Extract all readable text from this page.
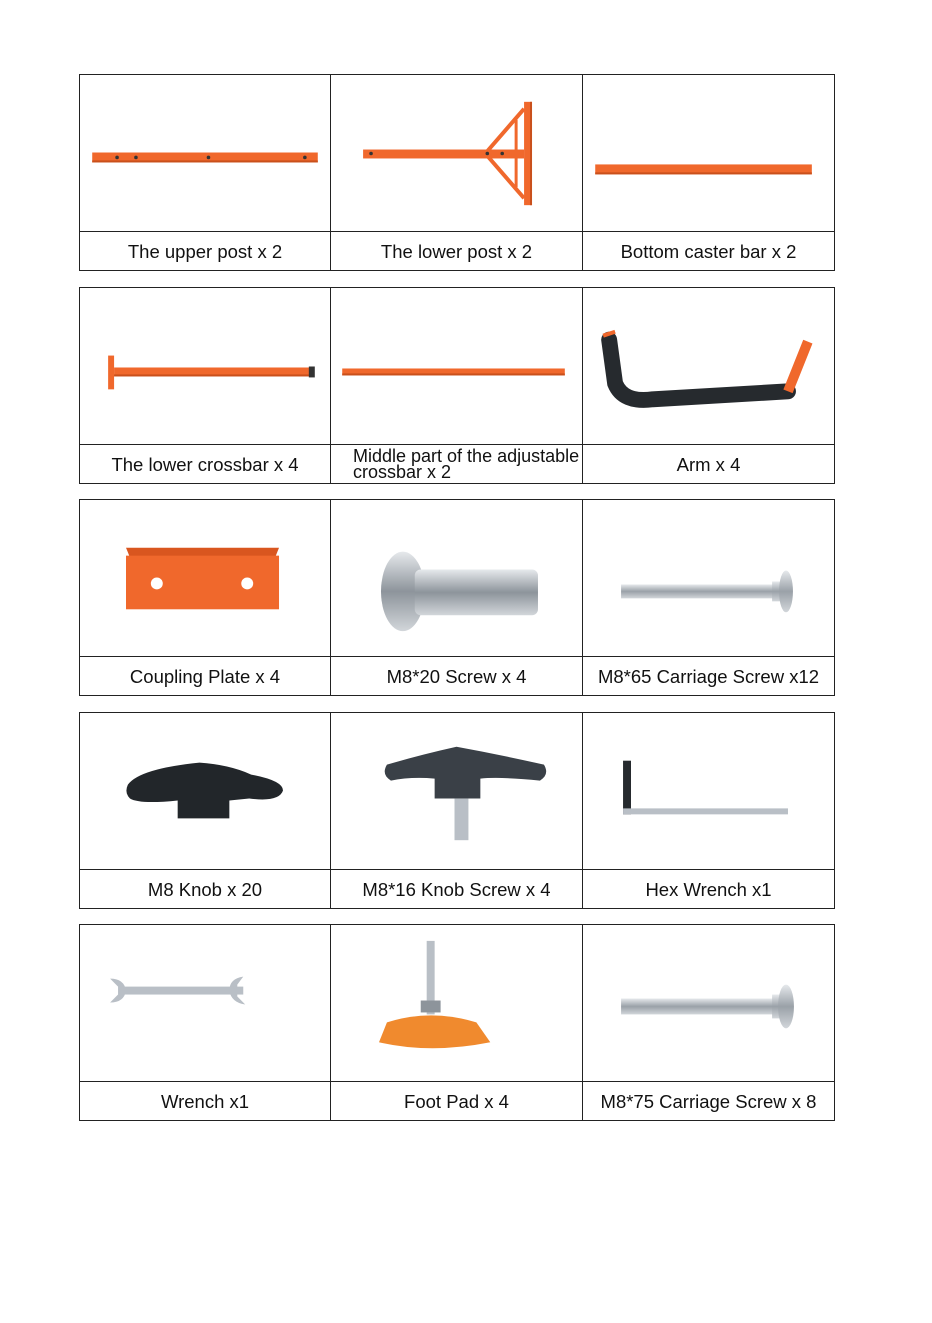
The upper post x 2	The lower post x 2	Bottom caster bar x 2
The lower crossbar x 4	Middle part of the adjustable crossbar x 2	Arm x 4
Coupling Plate x 4	M8*20 Screw x 4	M8*65 Carriage Screw x12
M8 Knob x 20	M8*16 Knob Screw x 4	Hex Wrench x1
Wrench x1	Foot Pad x 4	M8*75 Carriage Screw x 8
